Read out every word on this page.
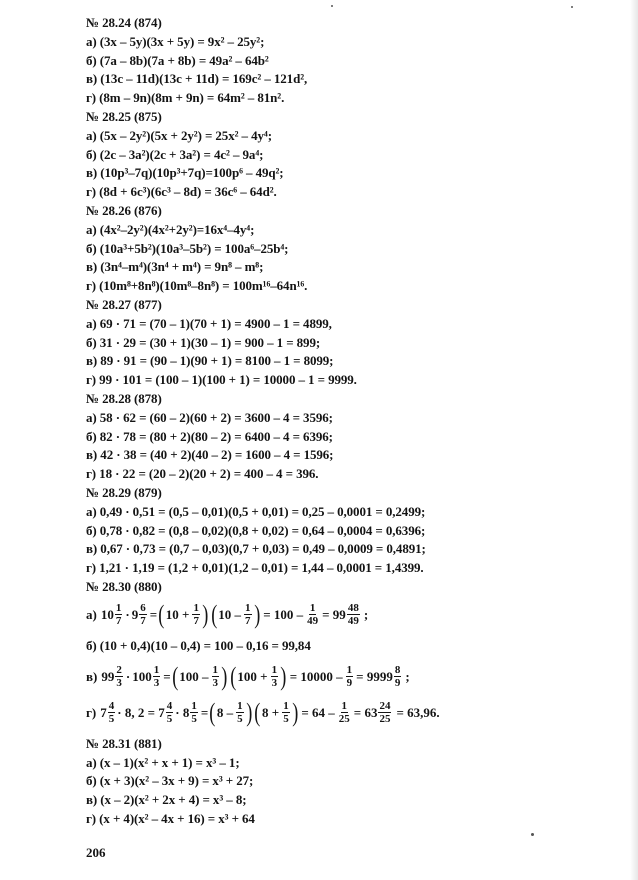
№ 28.24 (874)
а) (3x – 5y)(3x + 5y) = 9x² – 25y²;
б) (7a – 8b)(7a + 8b) = 49a² – 64b²
в) (13c – 11d)(13c + 11d) = 169c² – 121d²,
г) (8m – 9n)(8m + 9n) = 64m² – 81n².
№ 28.25 (875)
а) (5x – 2y²)(5x + 2y²) = 25x² – 4y⁴;
б) (2c – 3a²)(2c + 3a²) = 4c² – 9a⁴;
в) (10p³–7q)(10p³+7q)=100p⁶ – 49q²;
г) (8d + 6c³)(6c³ – 8d) = 36c⁶ – 64d².
№ 28.26 (876)
а) (4x²–2y²)(4x²+2y²)=16x⁴–4y⁴;
б) (10a³+5b²)(10a³–5b²) = 100a⁶–25b⁴;
в) (3n⁴–m⁴)(3n⁴ + m⁴) = 9n⁸ – m⁸;
г) (10m⁸+8n⁸)(10m⁸–8n⁸) = 100m¹⁶–64n¹⁶.
№ 28.27 (877)
а) 69 · 71 = (70 – 1)(70 + 1) = 4900 – 1 = 4899,
б) 31 · 29 = (30 + 1)(30 – 1) = 900 – 1 = 899;
в) 89 · 91 = (90 – 1)(90 + 1) = 8100 – 1 = 8099;
г) 99 · 101 = (100 – 1)(100 + 1) = 10000 – 1 = 9999.
№ 28.28 (878)
а) 58 · 62 = (60 – 2)(60 + 2) = 3600 – 4 = 3596;
б) 82 · 78 = (80 + 2)(80 – 2) = 6400 – 4 = 6396;
в) 42 · 38 = (40 + 2)(40 – 2) = 1600 – 4 = 1596;
г) 18 · 22 = (20 – 2)(20 + 2) = 400 – 4 = 396.
№ 28.29 (879)
а) 0,49 · 0,51 = (0,5 – 0,01)(0,5 + 0,01) = 0,25 – 0,0001 = 0,2499;
б) 0,78 · 0,82 = (0,8 – 0,02)(0,8 + 0,02) = 0,64 – 0,0004 = 0,6396;
в) 0,67 · 0,73 = (0,7 – 0,03)(0,7 + 0,03) = 0,49 – 0,0009 = 0,4891;
г) 1,21 · 1,19 = (1,2 + 0,01)(1,2 – 0,01) = 1,44 – 0,0001 = 1,4399.
№ 28.30 (880)
а) $10 \frac{1}{7} \cdot 9 \frac{6}{7}$ = ( $10 + \frac{1}{7}$ ) ( $10 - \frac{1}{7}$ ) = $100 - \frac{1}{49} = 99 \frac{48}{49}$ ;
б) (10 + 0,4)(10 – 0,4) = 100 – 0,16 = 99,84
в) $99 \frac{2}{3} \cdot 100 \frac{1}{3}$ = ( $100 - \frac{1}{3}$ ) ( $100 + \frac{1}{3}$ ) = $10000 - \frac{1}{9} = 9999 \frac{8}{9}$ ;
г) $7 \frac{4}{5} \cdot 8$, $2 = 7 \frac{4}{5} \cdot 8 \frac{1}{5}$ = ( $8 - \frac{1}{5}$ ) ( $8 + \frac{1}{5}$ ) = $64 - \frac{1}{25} = 63 \frac{24}{25} = 63,96$.
№ 28.31 (881)
а) (x – 1)(x² + x + 1) = x³ – 1;
б) (x + 3)(x² – 3x + 9) = x³ + 27;
в) (x – 2)(x² + 2x + 4) = x³ – 8;
г) (x + 4)(x² – 4x + 16) = x³ + 64
206
